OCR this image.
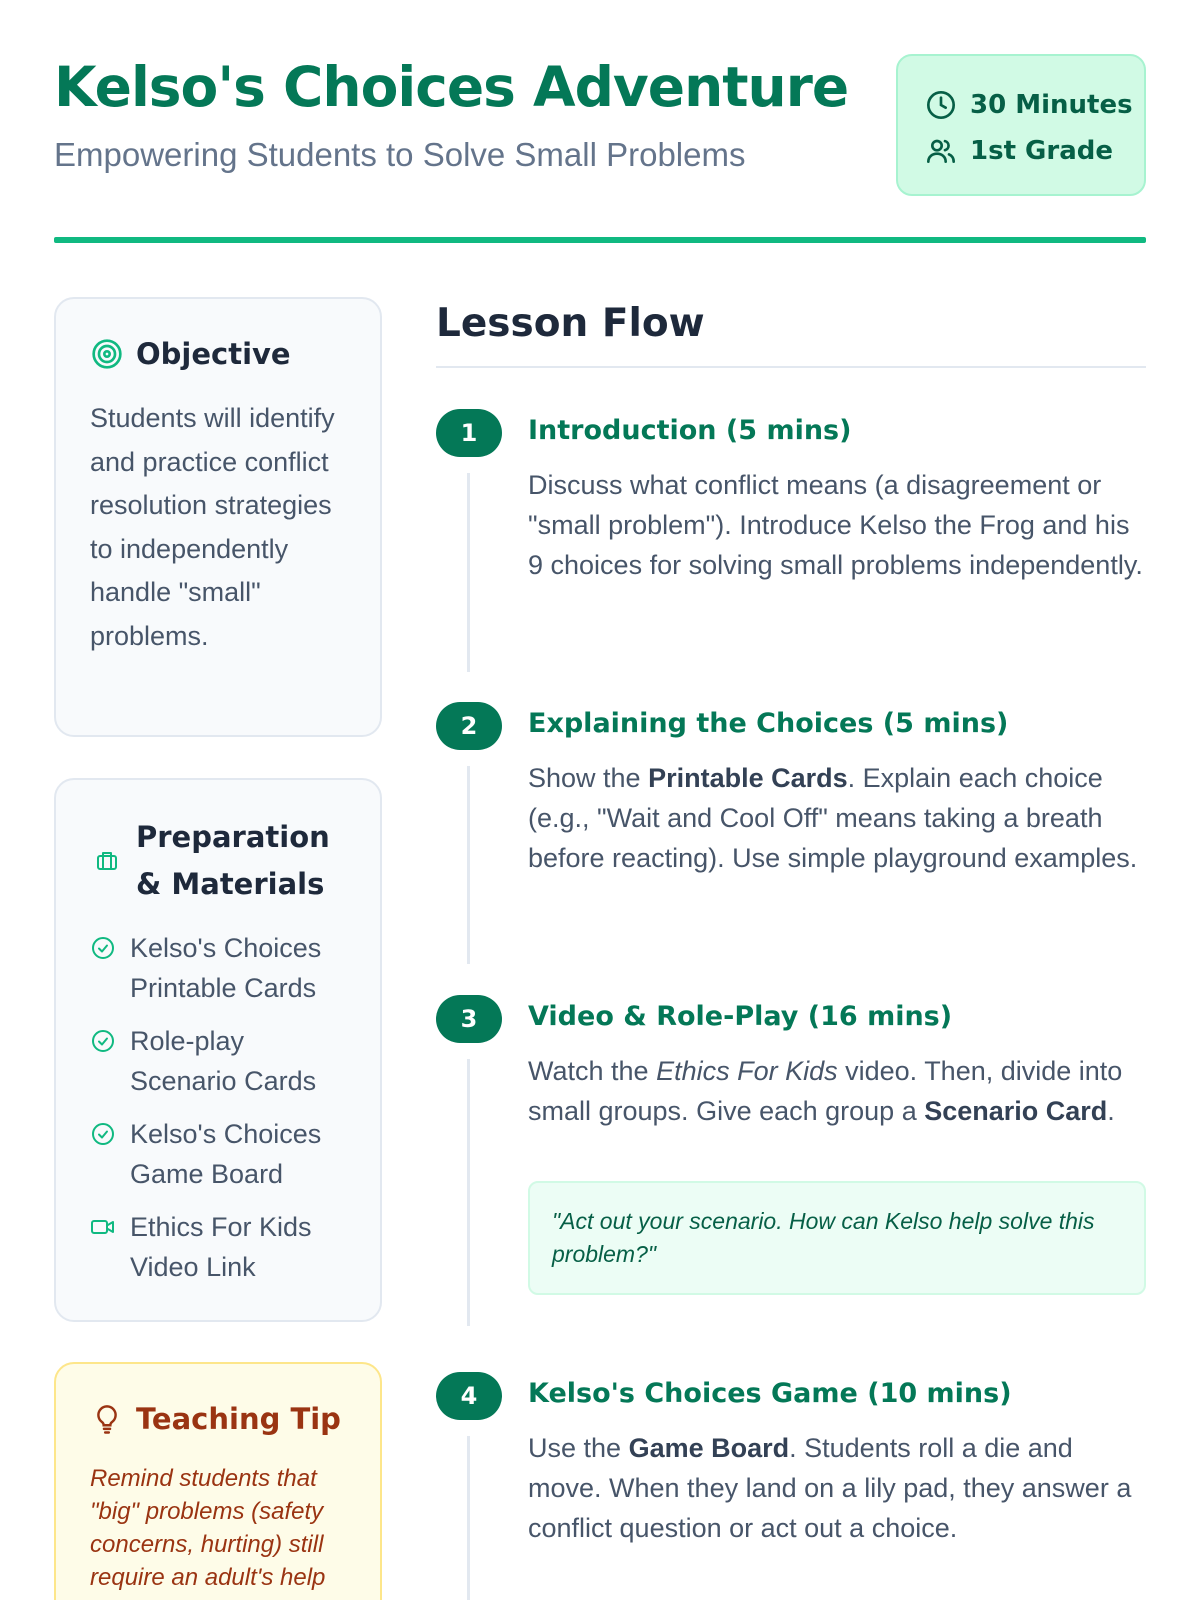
Kelso's Choices Adventure
Empowering Students to Solve Small Problems
30 Minutes
1st Grade
Objective
Students will identify and practice conflict resolution strategies to independently handle "small" problems.
Preparation & Materials
Kelso's Choices Printable Cards
Role-play Scenario Cards
Kelso's Choices Game Board
Ethics For Kids Video Link
Teaching Tip
Remind students that "big" problems (safety concerns, hurting) still require an adult's help
Lesson Flow
1	Introduction (5 mins)
Discuss what conflict means (a disagreement or "small problem"). Introduce Kelso the Frog and his 9 choices for solving small problems independently.
2	Explaining the Choices (5 mins)
Show the Printable Cards. Explain each choice (e.g., "Wait and Cool Off" means taking a breath before reacting). Use simple playground examples.
3	Video & Role-Play (16 mins)
Watch the Ethics For Kids video. Then, divide into small groups. Give each group a Scenario Card.
"Act out your scenario. How can Kelso help solve this problem?"
4	Kelso's Choices Game (10 mins)
Use the Game Board. Students roll a die and move. When they land on a lily pad, they answer a conflict question or act out a choice.
